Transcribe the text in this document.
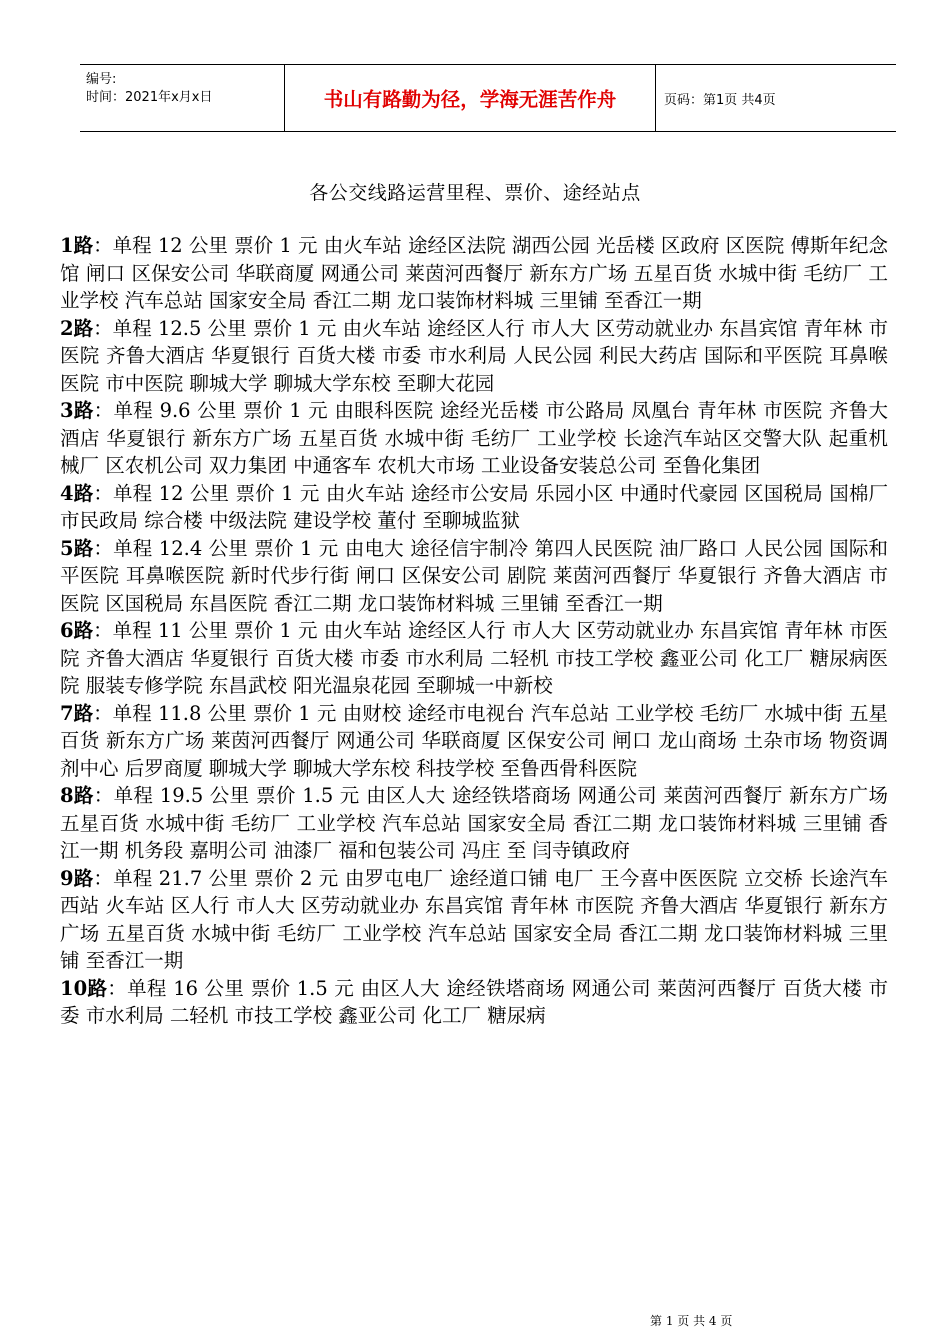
编号:
时间：2021年x月x日	书山有路勤为径，学海无涯苦作舟	页码：第1页 共4页
各公交线路运营里程、票价、途经站点

1路：单程 12 公里 票价 1 元 由火车站 途经区法院 湖西公园 光岳楼 区政府 区医院 傅斯年纪念馆 闸口 区保安公司 华联商厦 网通公司 莱茵河西餐厅 新东方广场 五星百货 水城中街 毛纺厂 工业学校 汽车总站 国家安全局 香江二期 龙口装饰材料城 三里铺 至香江一期

2路：单程 12.5 公里 票价 1 元 由火车站 途经区人行 市人大 区劳动就业办 东昌宾馆 青年林 市医院 齐鲁大酒店 华夏银行 百货大楼 市委 市水利局 人民公园 利民大药店 国际和平医院 耳鼻喉医院 市中医院 聊城大学 聊城大学东校 至聊大花园

3路：单程 9.6 公里 票价 1 元 由眼科医院 途经光岳楼 市公路局 凤凰台 青年林 市医院 齐鲁大酒店 华夏银行 新东方广场 五星百货 水城中街 毛纺厂 工业学校 长途汽车站区交警大队 起重机械厂 区农机公司 双力集团 中通客车 农机大市场 工业设备安装总公司 至鲁化集团

4路：单程 12 公里 票价 1 元 由火车站 途经市公安局 乐园小区 中通时代豪园 区国税局 国棉厂 市民政局 综合楼 中级法院 建设学校 董付 至聊城监狱

5路：单程 12.4 公里 票价 1 元 由电大 途径信宇制冷 第四人民医院 油厂路口 人民公园 国际和平医院 耳鼻喉医院 新时代步行街 闸口 区保安公司 剧院 莱茵河西餐厅 华夏银行 齐鲁大酒店 市医院 区国税局 东昌医院 香江二期 龙口装饰材料城 三里铺 至香江一期

6路：单程 11 公里 票价 1 元 由火车站 途经区人行 市人大 区劳动就业办 东昌宾馆 青年林 市医院 齐鲁大酒店 华夏银行 百货大楼 市委 市水利局 二轻机 市技工学校 鑫亚公司 化工厂 糖尿病医院 服装专修学院 东昌武校 阳光温泉花园 至聊城一中新校

7路：单程 11.8 公里 票价 1 元 由财校 途经市电视台 汽车总站 工业学校 毛纺厂 水城中街 五星百货 新东方广场 莱茵河西餐厅 网通公司 华联商厦 区保安公司 闸口 龙山商场 土杂市场 物资调剂中心 后罗商厦 聊城大学 聊城大学东校 科技学校 至鲁西骨科医院

8路：单程 19.5 公里 票价 1.5 元 由区人大 途经铁塔商场 网通公司 莱茵河西餐厅 新东方广场 五星百货 水城中街 毛纺厂 工业学校 汽车总站 国家安全局 香江二期 龙口装饰材料城 三里铺 香江一期 机务段 嘉明公司 油漆厂 福和包装公司 冯庄 至 闫寺镇政府

9路：单程 21.7 公里 票价 2 元 由罗屯电厂 途经道口铺 电厂 王今喜中医医院 立交桥 长途汽车西站 火车站 区人行 市人大 区劳动就业办 东昌宾馆 青年林 市医院 齐鲁大酒店 华夏银行 新东方广场 五星百货 水城中街 毛纺厂 工业学校 汽车总站 国家安全局 香江二期 龙口装饰材料城 三里铺 至香江一期

10路：单程 16 公里 票价 1.5 元 由区人大 途经铁塔商场 网通公司 莱茵河西餐厅 百货大楼 市委 市水利局 二轻机 市技工学校 鑫亚公司 化工厂 糖尿病

第 1 页 共 4 页
